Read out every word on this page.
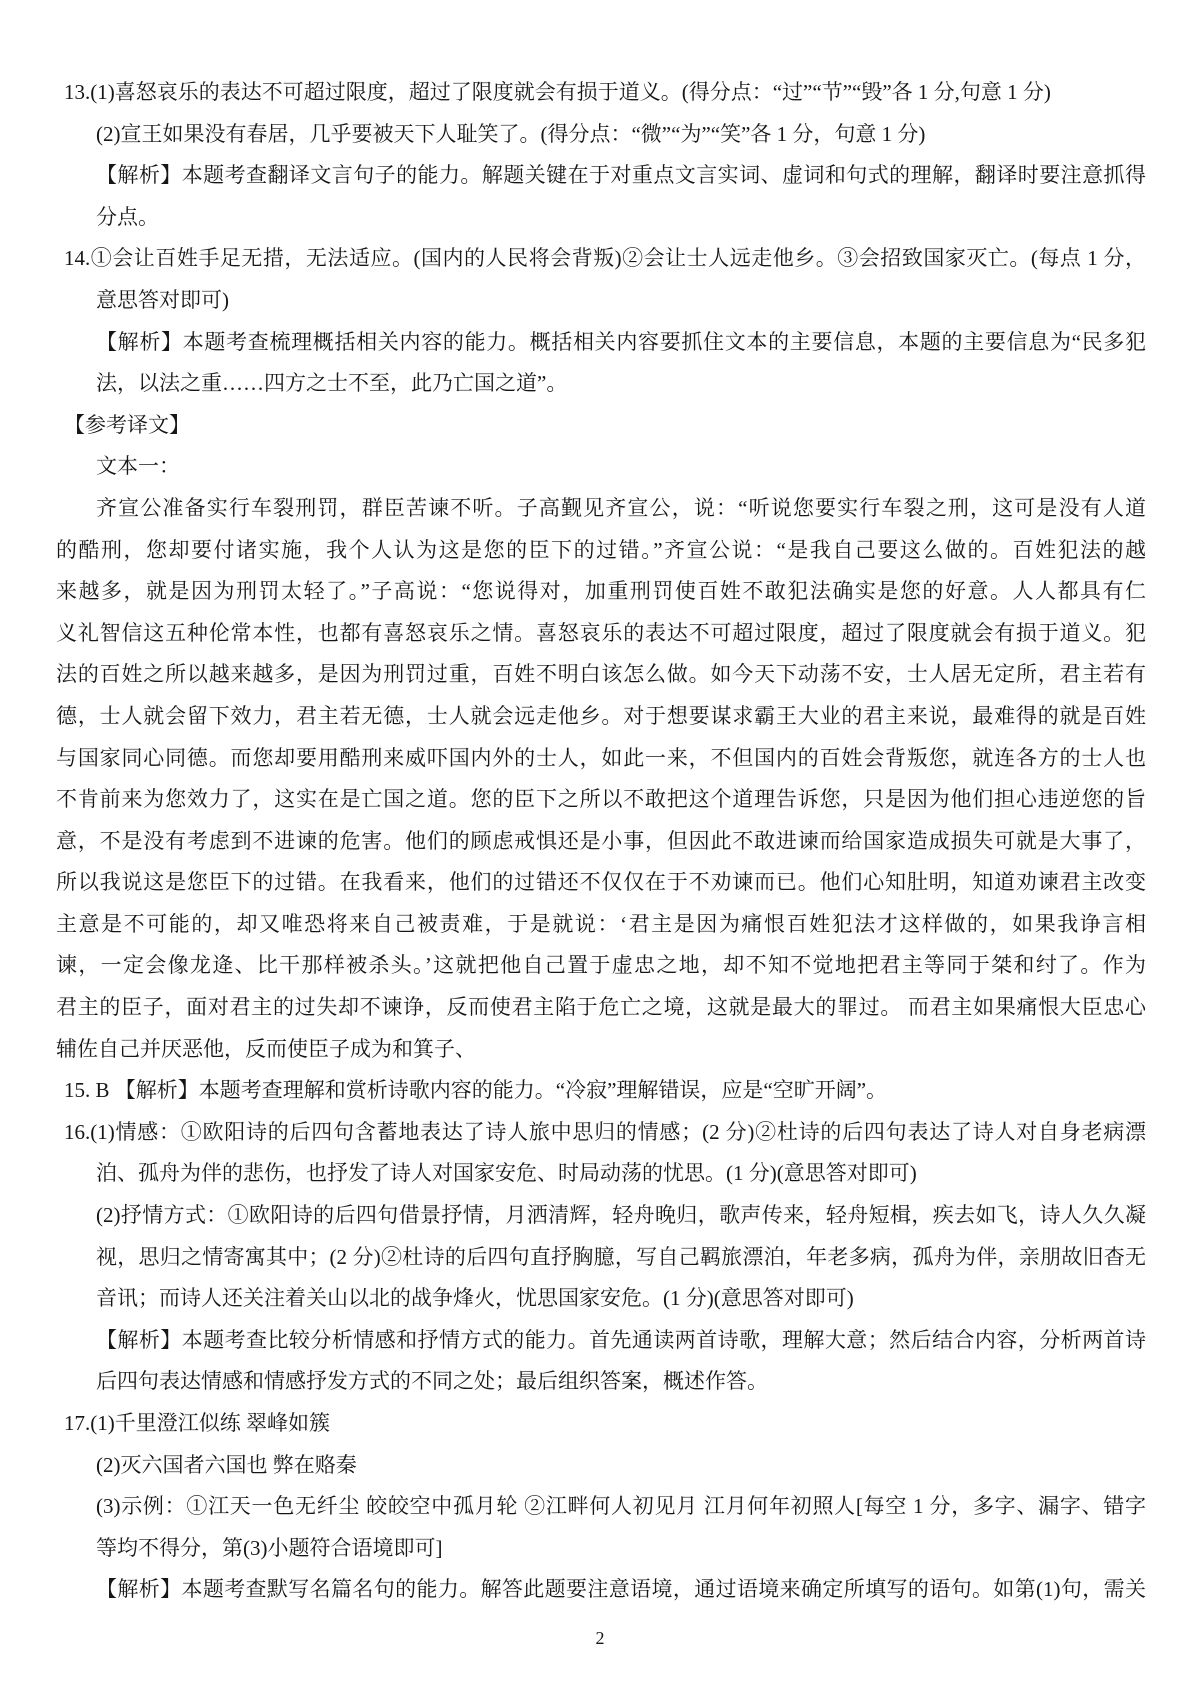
13.(1)喜怒哀乐的表达不可超过限度，超过了限度就会有损于道义。(得分点：“过”“节”“毁”各 1 分,句意 1 分)
(2)宣王如果没有春居，几乎要被天下人耻笑了。(得分点：“微”“为”“笑”各 1 分，句意 1 分)
【解析】本题考查翻译文言句子的能力。解题关键在于对重点文言实词、虚词和句式的理解，翻译时要注意抓得
分点。
14.①会让百姓手足无措，无法适应。(国内的人民将会背叛)②会让士人远走他乡。③会招致国家灭亡。(每点 1 分，
意思答对即可)
【解析】本题考查梳理概括相关内容的能力。概括相关内容要抓住文本的主要信息，本题的主要信息为“民多犯
法，以法之重……四方之士不至，此乃亡国之道”。
【参考译文】
文本一：
齐宣公准备实行车裂刑罚，群臣苦谏不听。子高觐见齐宣公，说：“听说您要实行车裂之刑，这可是没有人道
的酷刑，您却要付诸实施，我个人认为这是您的臣下的过错。”齐宣公说：“是我自己要这么做的。百姓犯法的越
来越多，就是因为刑罚太轻了。”子高说：“您说得对，加重刑罚使百姓不敢犯法确实是您的好意。人人都具有仁
义礼智信这五种伦常本性，也都有喜怒哀乐之情。喜怒哀乐的表达不可超过限度，超过了限度就会有损于道义。犯
法的百姓之所以越来越多，是因为刑罚过重，百姓不明白该怎么做。如今天下动荡不安，士人居无定所，君主若有
德，士人就会留下效力，君主若无德，士人就会远走他乡。对于想要谋求霸王大业的君主来说，最难得的就是百姓
与国家同心同德。而您却要用酷刑来威吓国内外的士人，如此一来，不但国内的百姓会背叛您，就连各方的士人也
不肯前来为您效力了，这实在是亡国之道。您的臣下之所以不敢把这个道理告诉您，只是因为他们担心违逆您的旨
意，不是没有考虑到不进谏的危害。他们的顾虑戒惧还是小事，但因此不敢进谏而给国家造成损失可就是大事了，
所以我说这是您臣下的过错。在我看来，他们的过错还不仅仅在于不劝谏而已。他们心知肚明，知道劝谏君主改变
主意是不可能的，却又唯恐将来自己被责难，于是就说：‘君主是因为痛恨百姓犯法才这样做的，如果我诤言相
谏，一定会像龙逄、比干那样被杀头。’这就把他自己置于虚忠之地，却不知不觉地把君主等同于桀和纣了。作为
君主的臣子，面对君主的过失却不谏诤，反而使君主陷于危亡之境，这就是最大的罪过。 而君主如果痛恨大臣忠心
辅佐自己并厌恶他，反而使臣子成为和箕子、
15. B 【解析】本题考查理解和赏析诗歌内容的能力。“冷寂”理解错误，应是“空旷开阔”。
16.(1)情感：①欧阳诗的后四句含蓄地表达了诗人旅中思归的情感；(2 分)②杜诗的后四句表达了诗人对自身老病漂
泊、孤舟为伴的悲伤，也抒发了诗人对国家安危、时局动荡的忧思。(1 分)(意思答对即可)
(2)抒情方式：①欧阳诗的后四句借景抒情，月洒清辉，轻舟晚归，歌声传来，轻舟短楫，疾去如飞，诗人久久凝
视，思归之情寄寓其中；(2 分)②杜诗的后四句直抒胸臆，写自己羁旅漂泊，年老多病，孤舟为伴，亲朋故旧杳无
音讯；而诗人还关注着关山以北的战争烽火，忧思国家安危。(1 分)(意思答对即可)
【解析】本题考查比较分析情感和抒情方式的能力。首先通读两首诗歌，理解大意；然后结合内容，分析两首诗
后四句表达情感和情感抒发方式的不同之处；最后组织答案，概述作答。
17.(1)千里澄江似练 翠峰如簇
(2)灭六国者六国也 弊在赂秦
(3)示例：①江天一色无纤尘 皎皎空中孤月轮 ②江畔何人初见月 江月何年初照人[每空 1 分，多字、漏字、错字
等均不得分，第(3)小题符合语境即可]
【解析】本题考查默写名篇名句的能力。解答此题要注意语境，通过语境来确定所填写的语句。如第(1)句，需关
2
